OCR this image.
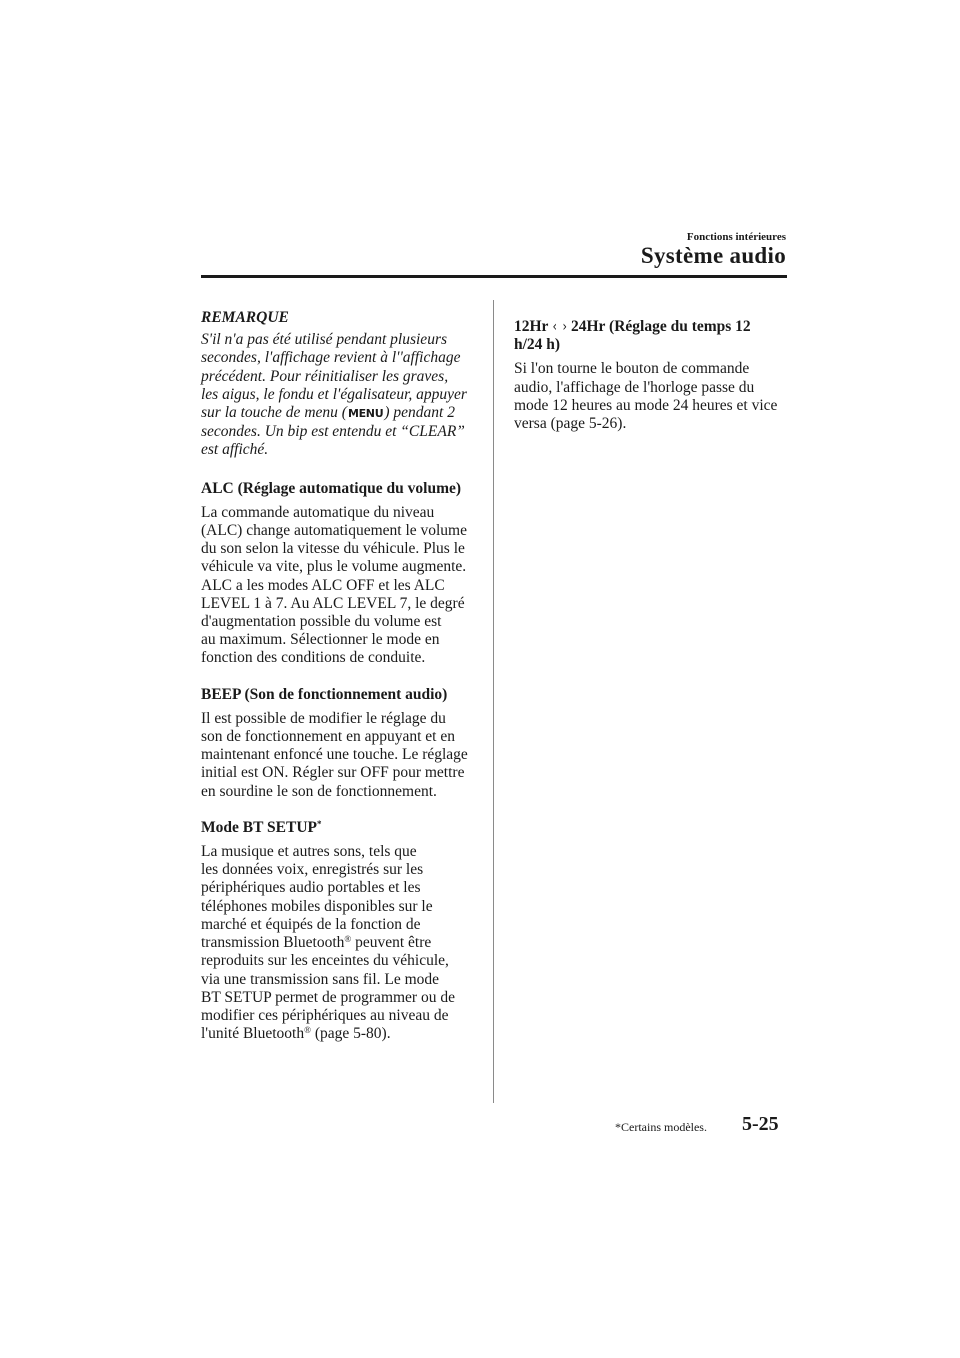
Fonctions intérieures
Système audio
REMARQUE
S'il n'a pas été utilisé pendant plusieurs
secondes, l'affichage revient à l''affichage
précédent. Pour réinitialiser les graves,
les aigus, le fondu et l'égalisateur, appuyer
sur la touche de menu (MENU) pendant 2
secondes. Un bip est entendu et “CLEAR”
est affiché.
ALC (Réglage automatique du volume)
La commande automatique du niveau
(ALC) change automatiquement le volume
du son selon la vitesse du véhicule. Plus le
véhicule va vite, plus le volume augmente.
ALC a les modes ALC OFF et les ALC
LEVEL 1 à 7. Au ALC LEVEL 7, le degré
d'augmentation possible du volume est
au maximum. Sélectionner le mode en
fonction des conditions de conduite.
BEEP (Son de fonctionnement audio)
Il est possible de modifier le réglage du
son de fonctionnement en appuyant et en
maintenant enfoncé une touche. Le réglage
initial est ON. Régler sur OFF pour mettre
en sourdine le son de fonctionnement.
Mode BT SETUP*
La musique et autres sons, tels que
les données voix, enregistrés sur les
périphériques audio portables et les
téléphones mobiles disponibles sur le
marché et équipés de la fonction de
transmission Bluetooth® peuvent être
reproduits sur les enceintes du véhicule,
via une transmission sans fil. Le mode
BT SETUP permet de programmer ou de
modifier ces périphériques au niveau de
l'unité Bluetooth® (page 5-80).
12Hr ‹ › 24Hr (Réglage du temps 12
h/24 h)
Si l'on tourne le bouton de commande
audio, l'affichage de l'horloge passe du
mode 12 heures au mode 24 heures et vice
versa (page 5-26).
*Certains modèles. 5-25
